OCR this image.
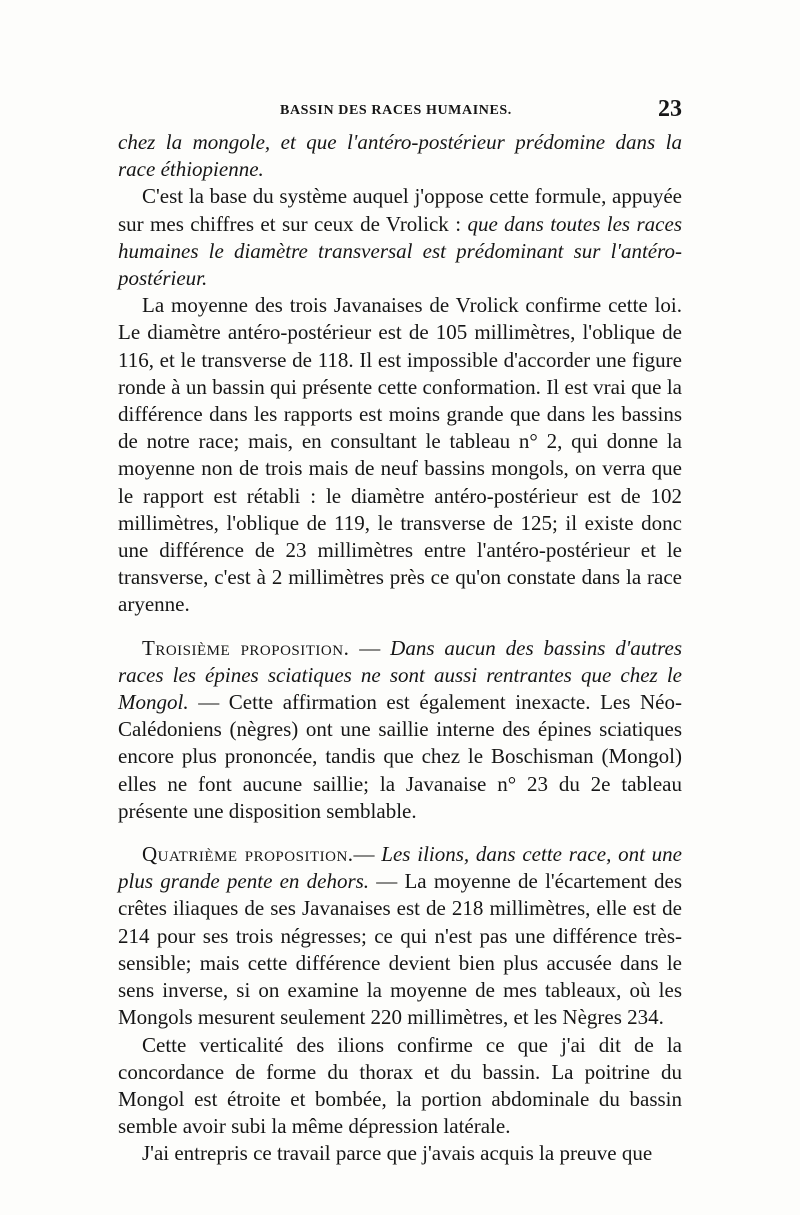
BASSIN DES RACES HUMAINES.	23

chez la mongole, et que l'antéro-postérieur prédomine dans la race éthiopienne.

C'est la base du système auquel j'oppose cette formule, appuyée sur mes chiffres et sur ceux de Vrolick : que dans toutes les races humaines le diamètre transversal est prédominant sur l'antéro-postérieur.

La moyenne des trois Javanaises de Vrolick confirme cette loi. Le diamètre antéro-postérieur est de 105 millimètres, l'oblique de 116, et le transverse de 118. Il est impossible d'accorder une figure ronde à un bassin qui présente cette conformation. Il est vrai que la différence dans les rapports est moins grande que dans les bassins de notre race; mais, en consultant le tableau n° 2, qui donne la moyenne non de trois mais de neuf bassins mongols, on verra que le rapport est rétabli : le diamètre antéro-postérieur est de 102 millimètres, l'oblique de 119, le transverse de 125; il existe donc une différence de 23 millimètres entre l'antéro-postérieur et le transverse, c'est à 2 millimètres près ce qu'on constate dans la race aryenne.

Troisième proposition. — Dans aucun des bassins d'autres races les épines sciatiques ne sont aussi rentrantes que chez le Mongol. — Cette affirmation est également inexacte. Les Néo-Calédoniens (nègres) ont une saillie interne des épines sciatiques encore plus prononcée, tandis que chez le Boschisman (Mongol) elles ne font aucune saillie; la Javanaise n° 23 du 2e tableau présente une disposition semblable.

Quatrième proposition.— Les ilions, dans cette race, ont une plus grande pente en dehors. — La moyenne de l'écartement des crêtes iliaques de ses Javanaises est de 218 millimètres, elle est de 214 pour ses trois négresses; ce qui n'est pas une différence très-sensible; mais cette différence devient bien plus accusée dans le sens inverse, si on examine la moyenne de mes tableaux, où les Mongols mesurent seulement 220 millimètres, et les Nègres 234.

Cette verticalité des ilions confirme ce que j'ai dit de la concordance de forme du thorax et du bassin. La poitrine du Mongol est étroite et bombée, la portion abdominale du bassin semble avoir subi la même dépression latérale.

J'ai entrepris ce travail parce que j'avais acquis la preuve que
